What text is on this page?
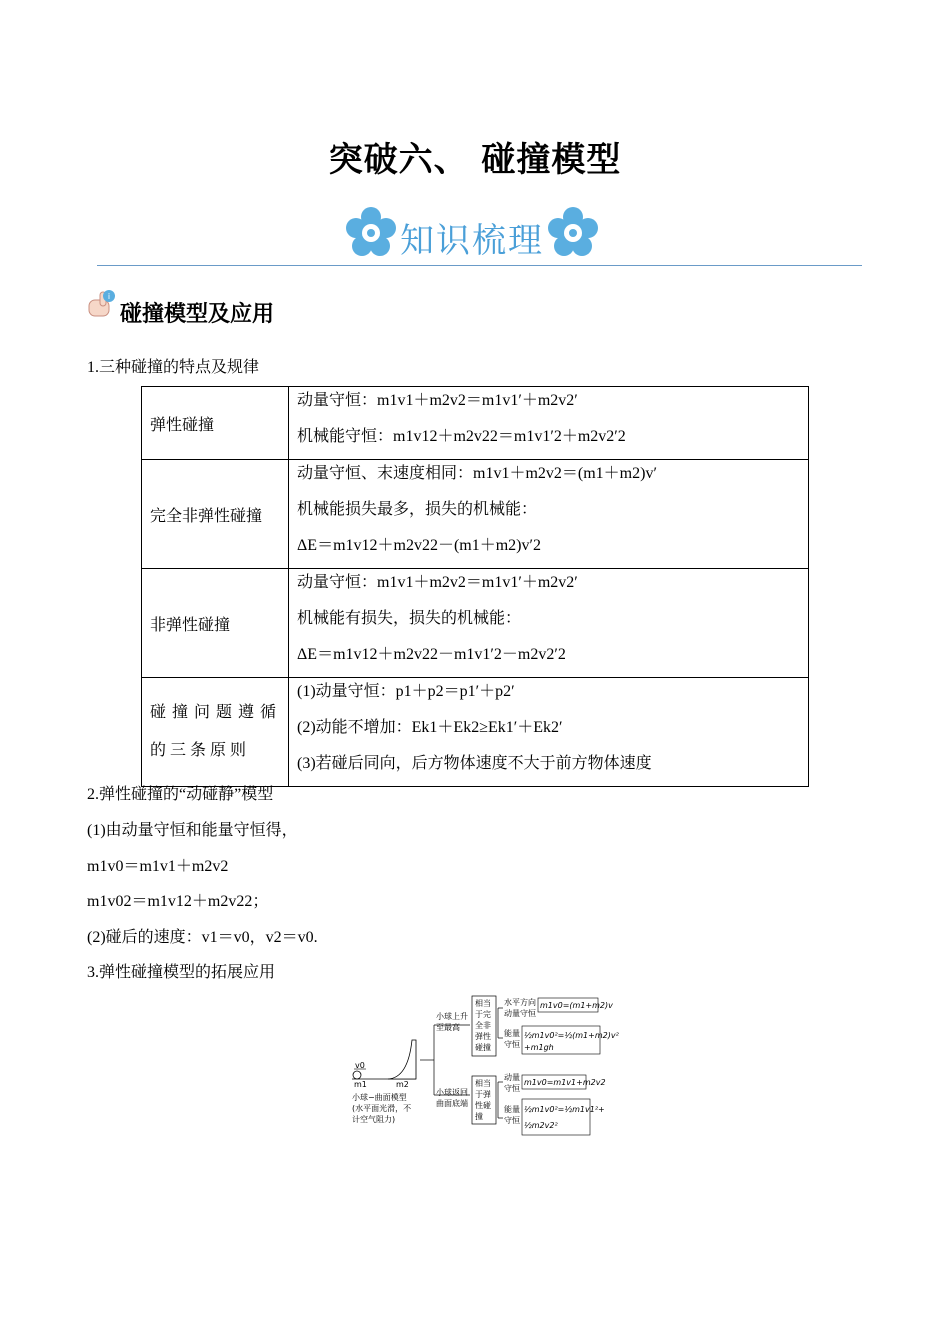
突破六、 碰撞模型
知识梳理
i
碰撞模型及应用
1.三种碰撞的特点及规律
弹性碰撞	动量守恒：m1v1＋m2v2＝m1v1′＋m2v2′
机械能守恒：m1v12＋m2v22＝m1v1′2＋m2v2′2

完全非弹性碰撞	动量守恒、末速度相同：m1v1＋m2v2＝(m1＋m2)v′
机械能损失最多，损失的机械能：
ΔE＝m1v12＋m2v22－(m1＋m2)v′2

非弹性碰撞	动量守恒：m1v1＋m2v2＝m1v1′＋m2v2′
机械能有损失，损失的机械能：
ΔE＝m1v12＋m2v22－m1v1′2－m2v2′2

碰撞问题遵循的三条原则	(1)动量守恒：p1＋p2＝p1′＋p2′
(2)动能不增加：Ek1＋Ek2≥Ek1′＋Ek2′
(3)若碰后同向，后方物体速度不大于前方物体速度
2.弹性碰撞的“动碰静”模型
(1)由动量守恒和能量守恒得，
m1v0＝m1v1＋m2v2
m1v02＝m1v12＋m2v22；
(2)碰后的速度：v1＝v0，v2＝v0.
3.弹性碰撞模型的拓展应用
v0
m1	m2
小球−曲面模型
(水平面光滑，不
计空气阻力)
小球上升
至最高
小球返回
曲面底端
相当
于完
全非
弹性
碰撞
水平方向
动量守恒
m1v0=(m1+m2)v
能量
守恒
½m1v0²=½(m1+m2)v²
+m1gh
相当
于弹
性碰
撞
动量
守恒
m1v0=m1v1+m2v2
能量
守恒
½m1v0²=½m1v1²+
½m2v2²
